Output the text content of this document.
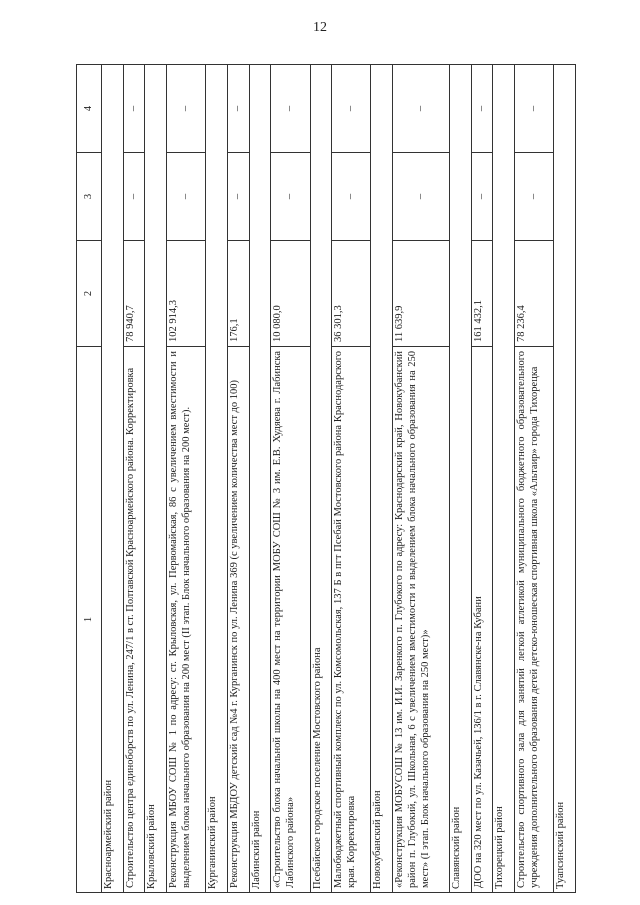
12
1	2	3	4
Красноармейский район			
Строительство центра единоборств по ул. Ленина, 247/1 в ст. Полтавской Красноармейского района. Корректировка	78 940,7	–	–
Крыловский район			
Реконструкция МБОУ СОШ № 1 по адресу: ст. Крыловская, ул. Первомайская, 86 с увеличением вместимости и выделением блока начального образования на 200 мест (II этап. Блок начального образования на 200 мест).	102 914,3	–	–
Курганинский район			
Реконструкция МБДОУ детский сад №4 г. Курганинск по ул. Ленина 369 (с увеличением количества мест до 100)	176,1	–	–
Лабинский район			
«Строительство блока начальной школы на 400 мест на территории МОБУ СОШ № 3 им. Е.В. Худяева г. Лабинска Лабинского района»	10 080,0	–	–
Псебайское городское поселение Мостовского района			
Малобюджетный спортивный комплекс по ул. Комсомольская, 137 Б в пгт Псебай Мостовского района Краснодарского края. Корректировка	36 301,3	–	–
Новокубанский район			
«Реконструкция МОБУСОШ № 13 им. И.И. Заренкого п. Глубокого по адресу: Краснодарский край, Новокубанский район п. Глубокий, ул. Школьная, 6 с увеличением вместимости и выделением блока начального образования на 250 мест» (I этап. Блок начального образования на 250 мест)»	11 639,9	–	–
Славянский район			
ДОО на 320 мест по ул. Казачьей, 136/1 в г. Славянске-на Кубани	161 432,1	–	–
Тихорецкий район			
Строительство спортивного зала для занятий легкой атлетикой муниципального бюджетного образовательного учреждения дополнительного образования детей детско-юношеская спортивная школа «Альтаир» города Тихорецка	78 236,4	–	–
Туапсинский район			
